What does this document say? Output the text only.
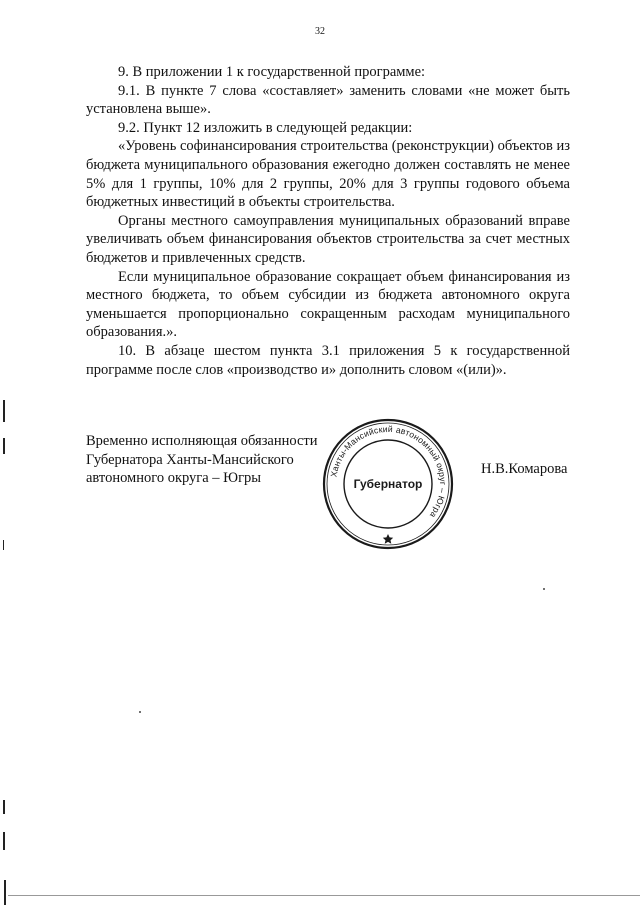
32

9. В приложении 1 к государственной программе:

9.1. В пункте 7 слова «составляет» заменить словами «не может быть установлена выше».

9.2. Пункт 12 изложить в следующей редакции:

«Уровень софинансирования строительства (реконструкции) объектов из бюджета муниципального образования ежегодно должен составлять не менее 5% для 1 группы, 10% для 2 группы, 20% для 3 группы годового объема бюджетных инвестиций в объекты строительства.

Органы местного самоуправления муниципальных образований вправе увеличивать объем финансирования объектов строительства за счет местных бюджетов и привлеченных средств.

Если муниципальное образование сокращает объем финансирования из местного бюджета, то объем субсидии из бюджета автономного округа уменьшается пропорционально сокращенным расходам муниципального образования.».

10. В абзаце шестом пункта 3.1 приложения 5 к государственной программе после слов «производство и» дополнить словом «(или)».

Временно исполняющая обязанности
Губернатора Ханты-Мансийского
автономного округа – Югры	Ханты-Мансийский автономный округ – Югра
Губернатор
Н.В.Комарова
